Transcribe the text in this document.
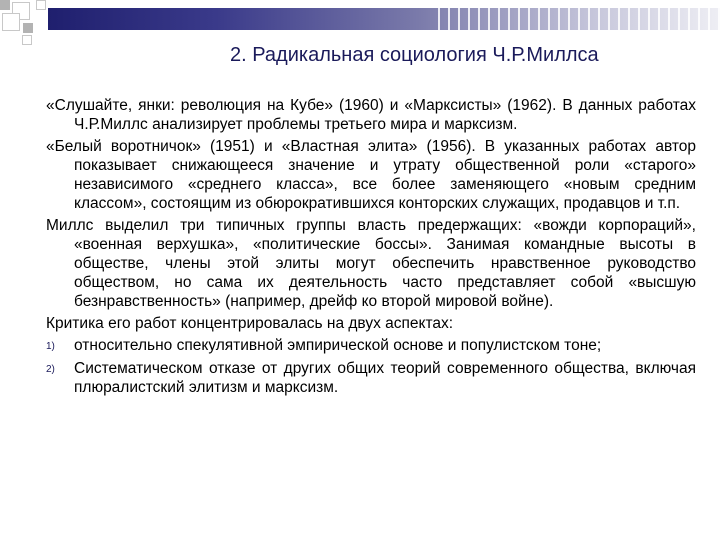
2. Радикальная социология Ч.Р.Миллса

«Слушайте, янки: революция на Кубе» (1960) и «Марксисты» (1962). В данных работах Ч.Р.Миллс анализирует проблемы третьего мира и марксизм.

«Белый воротничок» (1951) и «Властная элита» (1956). В указанных работах автор показывает снижающееся значение и утрату общественной роли «старого» независимого «среднего класса», все более заменяющего «новым средним классом», состоящим из обюрократившихся конторских служащих, продавцов и т.п.

Миллс выделил три типичных группы власть предержащих: «вожди корпораций», «военная верхушка», «политические боссы». Занимая командные высоты в обществе, члены этой элиты могут обеспечить нравственное руководство обществом, но сама их деятельность часто представляет собой «высшую безнравственность» (например, дрейф ко второй мировой войне).

Критика его работ концентрировалась на двух аспектах:

1)	относительно спекулятивной эмпирической основе и популистском тоне;
2)	Систематическом отказе от других общих теорий современного общества, включая плюралистский элитизм и марксизм.
